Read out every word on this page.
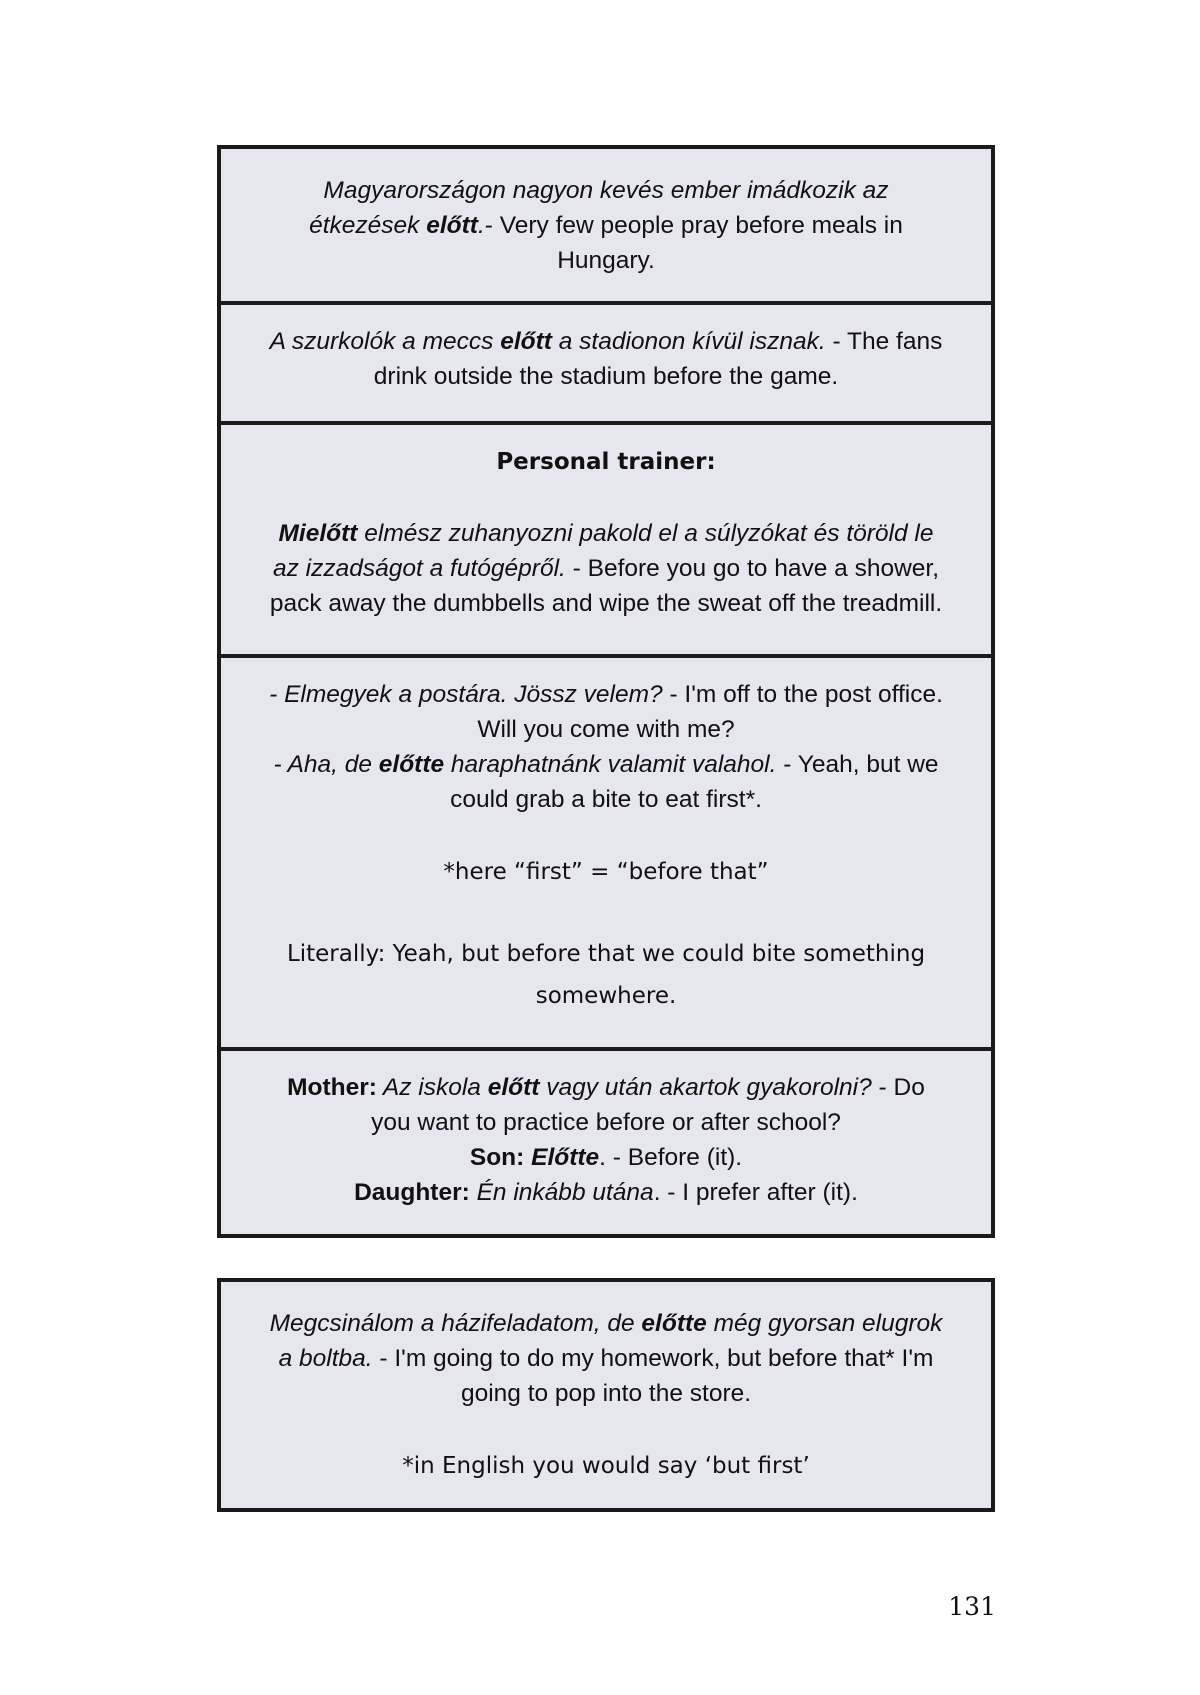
Magyarországon nagyon kevés ember imádkozik az
étkezések előtt.- Very few people pray before meals in
Hungary.
A szurkolók a meccs előtt a stadionon kívül isznak. - The fans
drink outside the stadium before the game.
Personal trainer:
Mielőtt elmész zuhanyozni pakold el a súlyzókat és töröld le
az izzadságot a futógépről. - Before you go to have a shower,
pack away the dumbbells and wipe the sweat off the treadmill.
- Elmegyek a postára. Jössz velem? - I'm off to the post office.
Will you come with me?
- Aha, de előtte haraphatnánk valamit valahol. - Yeah, but we
could grab a bite to eat first*.
*here “first” = “before that”
Literally: Yeah, but before that we could bite something
somewhere.
Mother: Az iskola előtt vagy után akartok gyakorolni? - Do
you want to practice before or after school?
Son: Előtte. - Before (it).
Daughter: Én inkább utána. - I prefer after (it).
Megcsinálom a házifeladatom, de előtte még gyorsan elugrok
a boltba. - I'm going to do my homework, but before that* I'm
going to pop into the store.
*in English you would say ‘but first’
131
